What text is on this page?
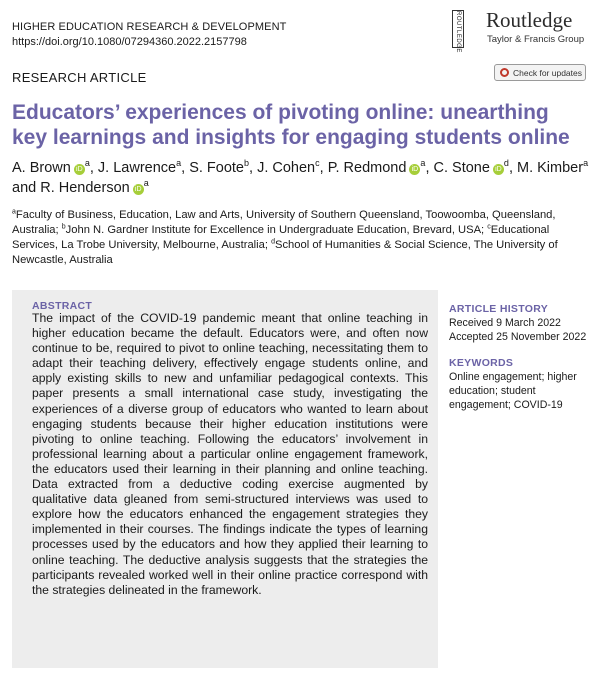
HIGHER EDUCATION RESEARCH & DEVELOPMENT
https://doi.org/10.1080/07294360.2022.2157798	ROUTLEDGE Routledge
Taylor & Francis Group
RESEARCH ARTICLE	Check for updates
Educators’ experiences of pivoting online: unearthing key learnings and insights for engaging students online
A. Brown $iD^a$, J. Lawrence$^a$, S. Foote$^b$, J. Cohen$^c$, P. Redmond $iD^a$, C. Stone $iD^d$, M. Kimber$^a$ and R. Henderson $iD^a$
$^a$Faculty of Business, Education, Law and Arts, University of Southern Queensland, Toowoomba, Queensland, Australia; $^b$John N. Gardner Institute for Excellence in Undergraduate Education, Brevard, USA; $^c$Educational Services, La Trobe University, Melbourne, Australia; $^d$School of Humanities & Social Science, The University of Newcastle, Australia
ABSTRACT
The impact of the COVID-19 pandemic meant that online teaching in higher education became the default. Educators were, and often now continue to be, required to pivot to online teaching, necessitating them to adapt their teaching delivery, effectively engage students online, and apply existing skills to new and unfamiliar pedagogical contexts. This paper presents a small international case study, investigating the experiences of a diverse group of educators who wanted to learn about engaging students because their higher education institutions were pivoting to online teaching. Following the educators’ involvement in professional learning about a particular online engagement framework, the educators used their learning in their planning and online teaching. Data extracted from a deductive coding exercise augmented by qualitative data gleaned from semi-structured interviews was used to explore how the educators enhanced the engagement strategies they implemented in their courses. The findings indicate the types of learning processes used by the educators and how they applied their learning to online teaching. The deductive analysis suggests that the strategies the participants revealed worked well in their online practice correspond with the strategies delineated in the framework.
ARTICLE HISTORY
Received 9 March 2022
Accepted 25 November 2022
KEYWORDS
Online engagement; higher education; student engagement; COVID-19
